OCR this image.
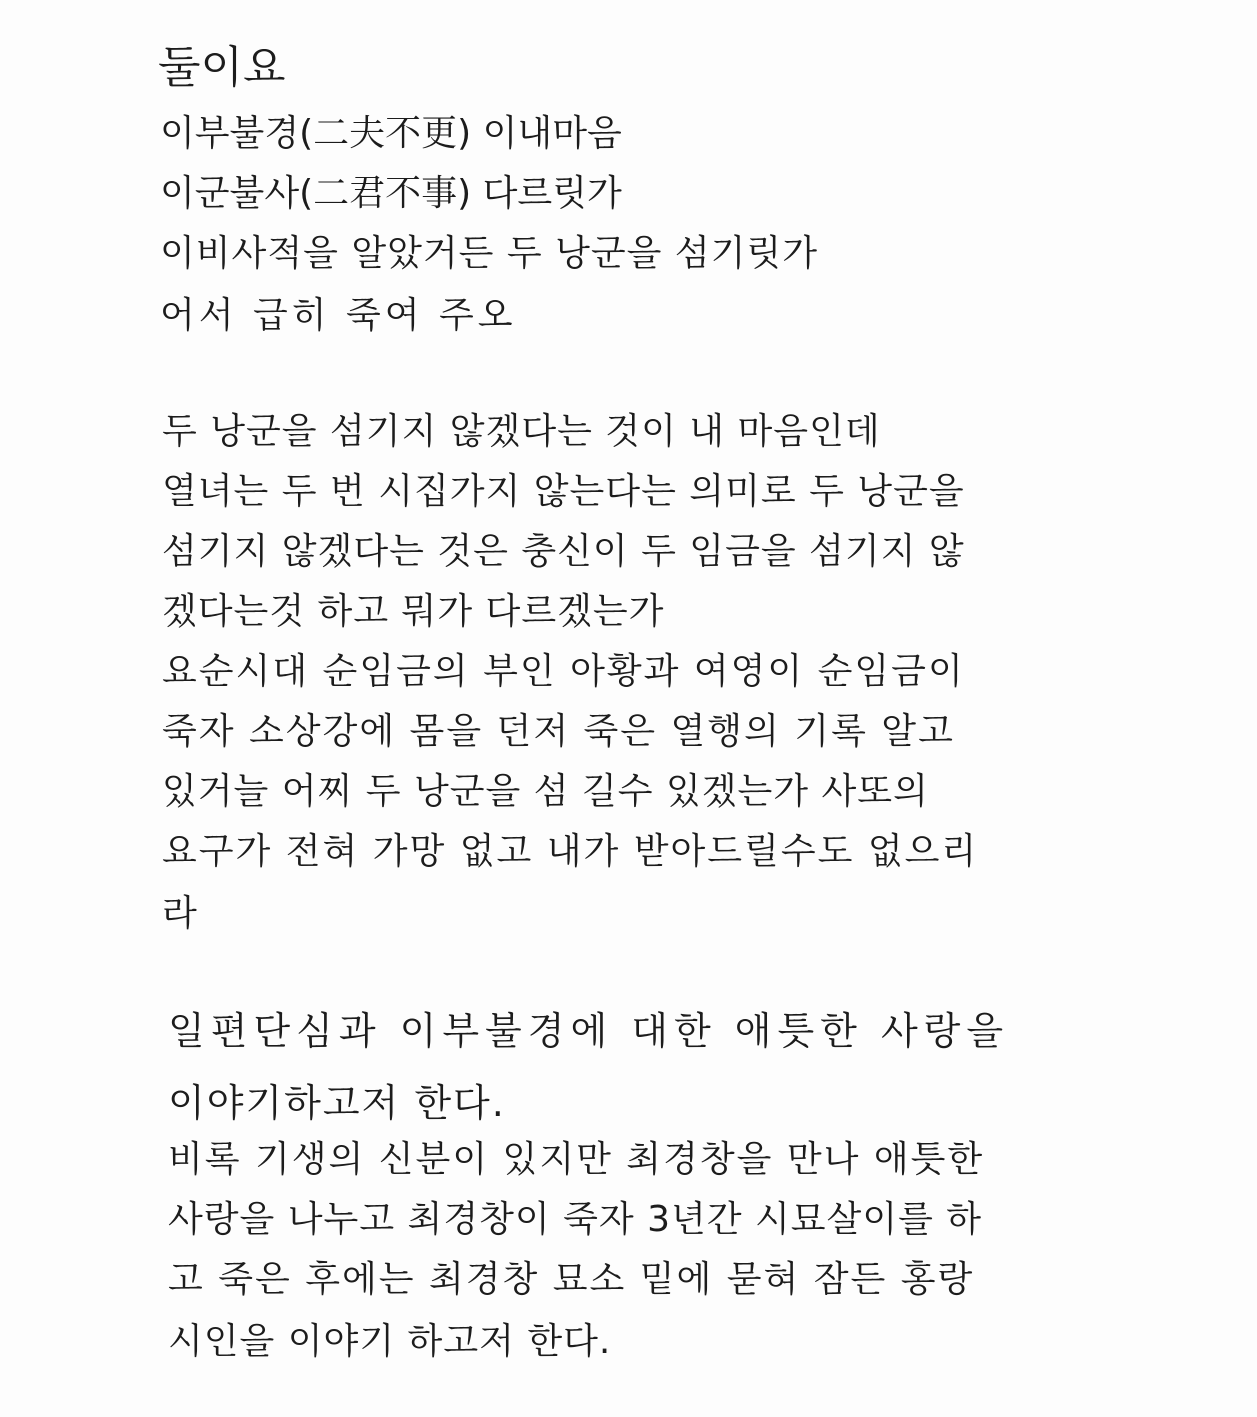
둘이요
이부불경(二夫不更) 이내마음
이군불사(二君不事) 다르릿가
이비사적을 알았거든 두 낭군을 섬기릿가
어서 급히 죽여 주오
두 낭군을 섬기지 않겠다는 것이 내 마음인데
열녀는 두 번 시집가지 않는다는 의미로 두 낭군을
섬기지 않겠다는 것은 충신이 두 임금을 섬기지 않
겠다는것 하고 뭐가 다르겠는가
요순시대 순임금의 부인 아황과 여영이 순임금이
죽자 소상강에 몸을 던저 죽은 열행의 기록 알고
있거늘 어찌 두 낭군을 섬 길수 있겠는가 사또의
요구가 전혀 가망 없고 내가 받아드릴수도 없으리
라
일편단심과 이부불경에 대한 애틋한 사랑을
이야기하고저 한다.
비록 기생의 신분이 있지만 최경창을 만나 애틋한
사랑을 나누고 최경창이 죽자 3년간 시묘살이를 하
고 죽은 후에는 최경창 묘소 밑에 묻혀 잠든 홍랑
시인을 이야기 하고저 한다.
